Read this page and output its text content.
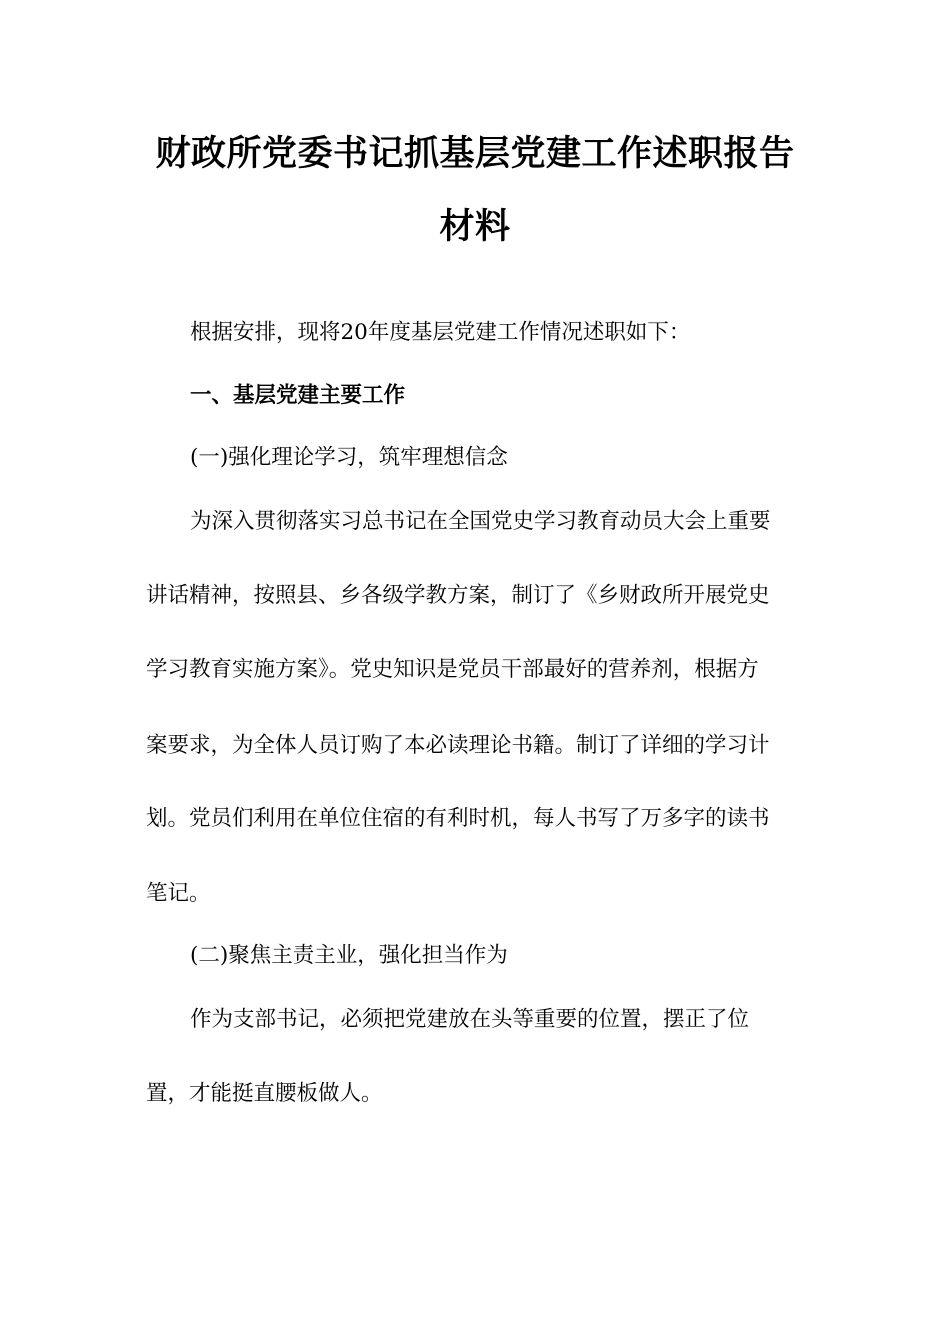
财政所党委书记抓基层党建工作述职报告
材料
根据安排，现将20年度基层党建工作情况述职如下：
一、基层党建主要工作
(一)强化理论学习，筑牢理想信念
为深入贯彻落实习总书记在全国党史学习教育动员大会上重要
讲话精神，按照县、乡各级学教方案，制订了《乡财政所开展党史
学习教育实施方案》。党史知识是党员干部最好的营养剂，根据方
案要求，为全体人员订购了本必读理论书籍。制订了详细的学习计
划。党员们利用在单位住宿的有利时机，每人书写了万多字的读书
笔记。
(二)聚焦主责主业，强化担当作为
作为支部书记，必须把党建放在头等重要的位置，摆正了位
置，才能挺直腰板做人。
